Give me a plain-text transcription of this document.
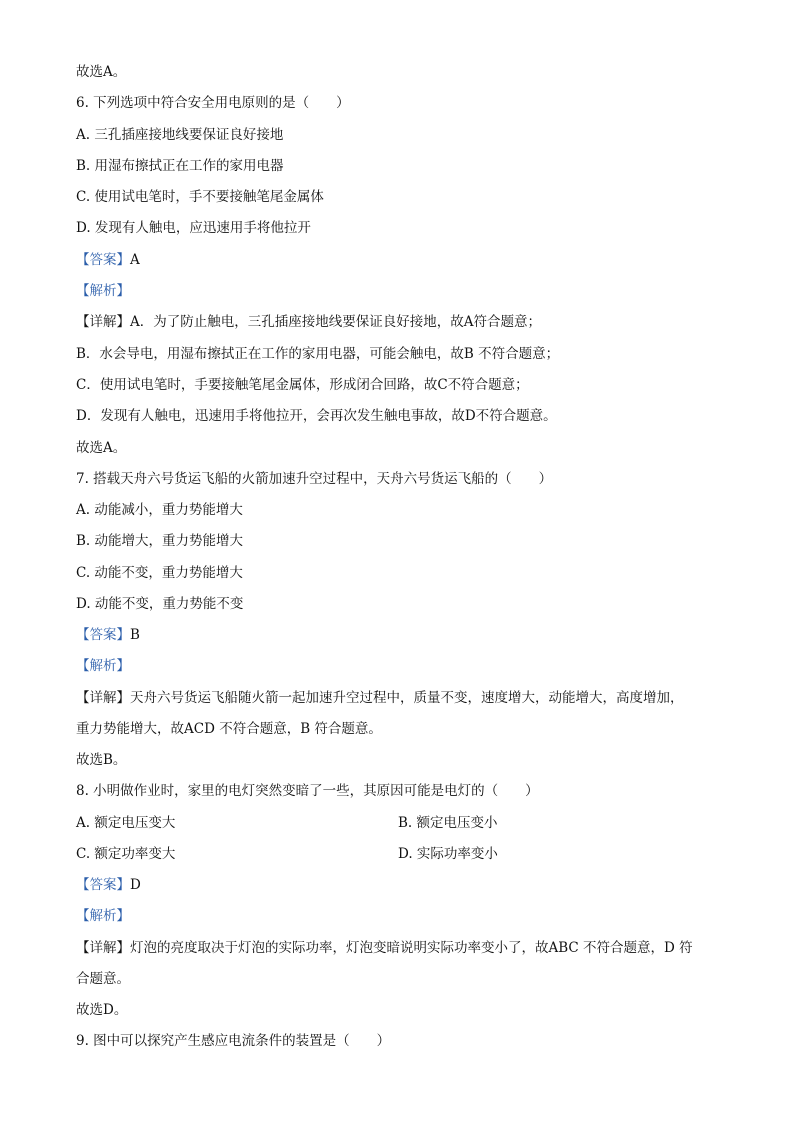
故选A。
6. 下列选项中符合安全用电原则的是（　　）
A. 三孔插座接地线要保证良好接地
B. 用湿布擦拭正在工作的家用电器
C. 使用试电笔时，手不要接触笔尾金属体
D. 发现有人触电，应迅速用手将他拉开
【答案】A
【解析】
【详解】A．为了防止触电，三孔插座接地线要保证良好接地，故A符合题意；
B．水会导电，用湿布擦拭正在工作的家用电器，可能会触电，故B 不符合题意；
C．使用试电笔时，手要接触笔尾金属体，形成闭合回路，故C不符合题意；
D．发现有人触电，迅速用手将他拉开，会再次发生触电事故，故D不符合题意。
故选A。
7. 搭载天舟六号货运飞船的火箭加速升空过程中，天舟六号货运飞船的（　　）
A. 动能减小，重力势能增大
B. 动能增大，重力势能增大
C. 动能不变，重力势能增大
D. 动能不变，重力势能不变
【答案】B
【解析】
【详解】天舟六号货运飞船随火箭一起加速升空过程中，质量不变，速度增大，动能增大，高度增加，
重力势能增大，故ACD 不符合题意，B 符合题意。
故选B。
8. 小明做作业时，家里的电灯突然变暗了一些，其原因可能是电灯的（　　）
A. 额定电压变大	B. 额定电压变小
C. 额定功率变大	D. 实际功率变小
【答案】D
【解析】
【详解】灯泡的亮度取决于灯泡的实际功率，灯泡变暗说明实际功率变小了，故ABC 不符合题意，D 符
合题意。
故选D。
9. 图中可以探究产生感应电流条件的装置是（　　）
